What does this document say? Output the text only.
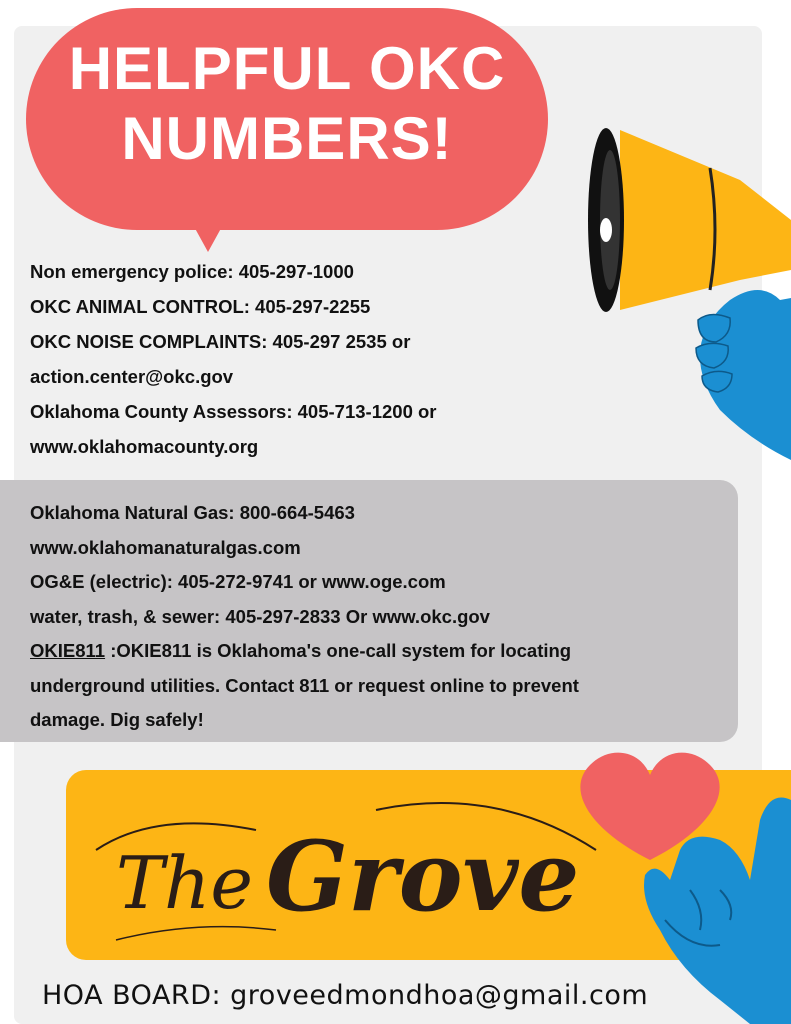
HELPFUL OKC
NUMBERS!
Non emergency police: 405-297-1000
OKC ANIMAL CONTROL: 405-297-2255
OKC NOISE COMPLAINTS: 405-297 2535 or
action.center@okc.gov
Oklahoma County Assessors: 405-713-1200 or
www.oklahomacounty.org
Oklahoma Natural Gas: 800-664-5463
www.oklahomanaturalgas.com
OG&E (electric): 405-272-9741 or www.oge.com
water, trash, & sewer: 405-297-2833 Or www.okc.gov
OKIE811 :OKIE811 is Oklahoma's one-call system for locating
underground utilities. Contact 811 or request online to prevent
damage. Dig safely!
The Grove
HOA BOARD: groveedmondhoa@gmail.com
